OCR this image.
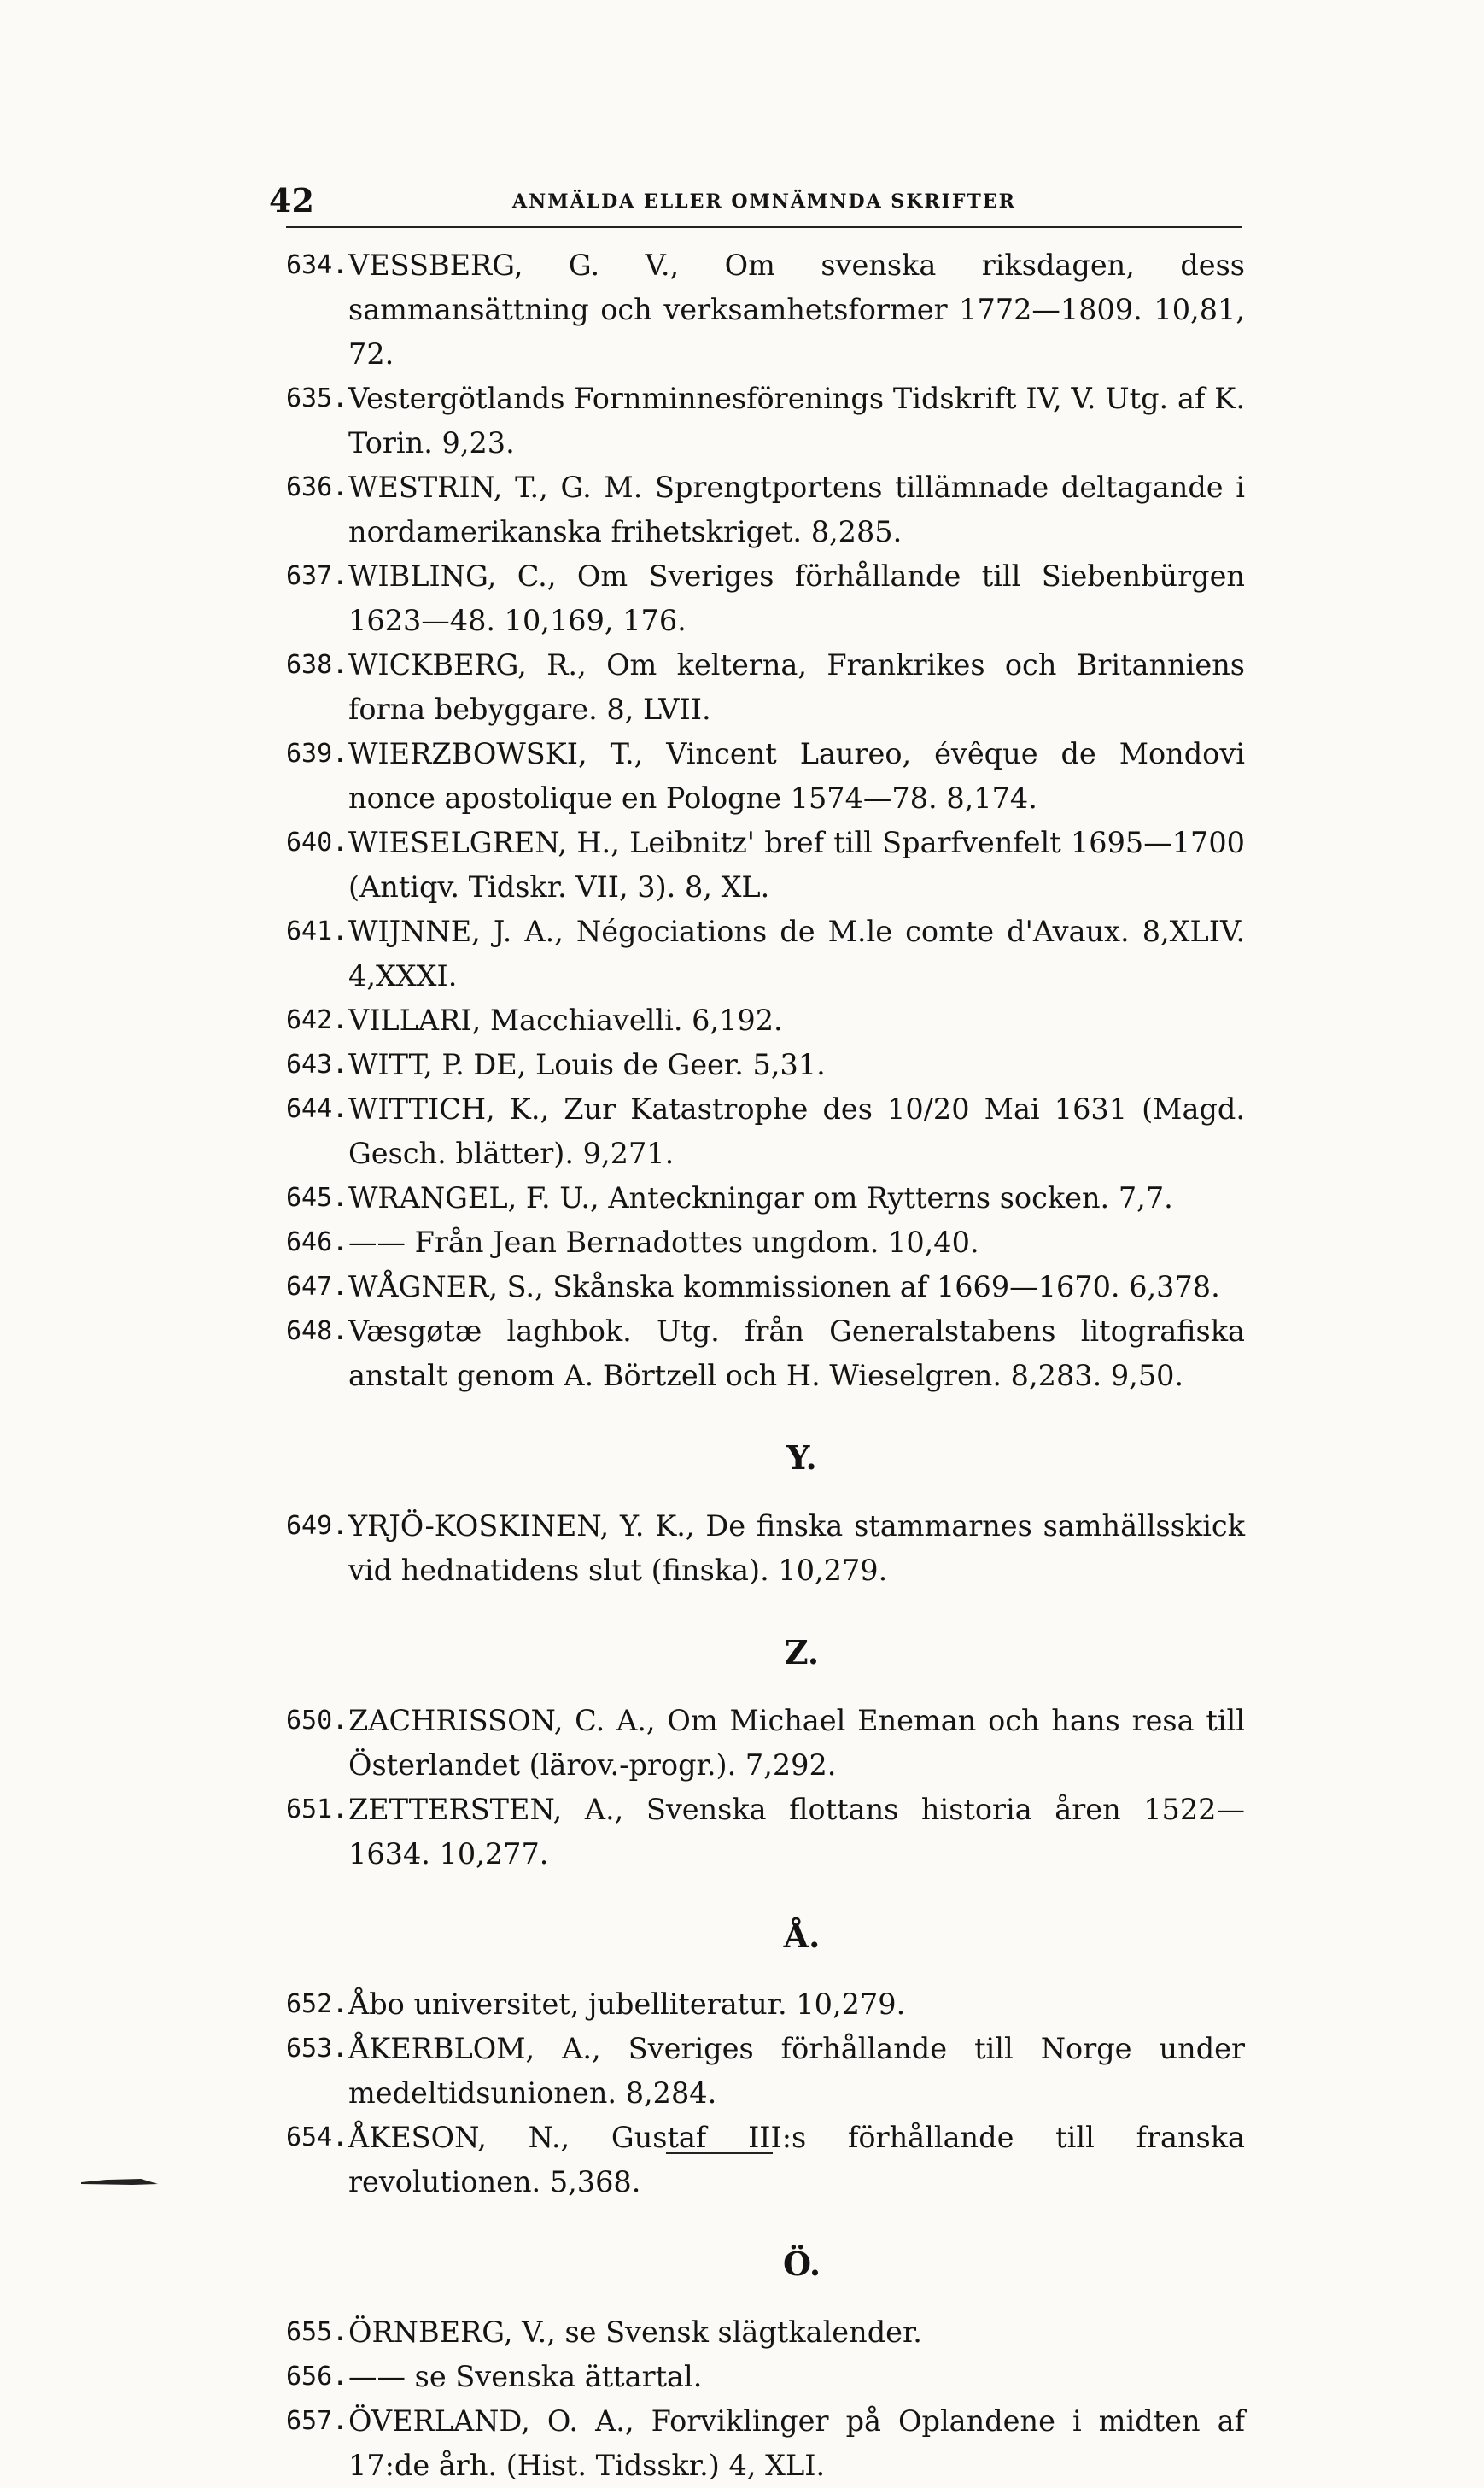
42	ANMÄLDA ELLER OMNÄMNDA SKRIFTER
634. VESSBERG, G. V., Om svenska riksdagen, dess sammansättning och verksamhetsformer 1772—1809. 10,81, 72.
635. Vestergötlands Fornminnesförenings Tidskrift IV, V. Utg. af K. Torin. 9,23.
636. WESTRIN, T., G. M. Sprengtportens tillämnade deltagande i nordamerikanska frihetskriget. 8,285.
637. WIBLING, C., Om Sveriges förhållande till Siebenbürgen 1623—48. 10,169, 176.
638. WICKBERG, R., Om kelterna, Frankrikes och Britanniens forna bebyggare. 8, LVII.
639. WIERZBOWSKI, T., Vincent Laureo, évêque de Mondovi nonce apostolique en Pologne 1574—78. 8,174.
640. WIESELGREN, H., Leibnitz' bref till Sparfvenfelt 1695—1700 (Antiqv. Tidskr. VII, 3). 8, XL.
641. WIJNNE, J. A., Négociations de M.le comte d'Avaux. 8,XLIV. 4,XXXI.
642. VILLARI, Macchiavelli. 6,192.
643. WITT, P. DE, Louis de Geer. 5,31.
644. WITTICH, K., Zur Katastrophe des 10/20 Mai 1631 (Magd. Gesch. blätter). 9,271.
645. WRANGEL, F. U., Anteckningar om Rytterns socken. 7,7.
646. —— Från Jean Bernadottes ungdom. 10,40.
647. WÅGNER, S., Skånska kommissionen af 1669—1670. 6,378.
648. Væsgøtæ laghbok. Utg. från Generalstabens litografiska anstalt genom A. Börtzell och H. Wieselgren. 8,283. 9,50.
Y.
649. YRJÖ-KOSKINEN, Y. K., De finska stammarnes samhällsskick vid hednatidens slut (finska). 10,279.
Z.
650. ZACHRISSON, C. A., Om Michael Eneman och hans resa till Österlandet (lärov.-progr.). 7,292.
651. ZETTERSTEN, A., Svenska flottans historia åren 1522—1634. 10,277.
Å.
652. Åbo universitet, jubelliteratur. 10,279.
653. ÅKERBLOM, A., Sveriges förhållande till Norge under medeltidsunionen. 8,284.
654. ÅKESON, N., Gustaf III:s förhållande till franska revolutionen. 5,368.
Ö.
655. ÖRNBERG, V., se Svensk slägtkalender.
656. —— se Svenska ättartal.
657. ÖVERLAND, O. A., Forviklinger på Oplandene i midten af 17:de årh. (Hist. Tidsskr.) 4, XLI.
